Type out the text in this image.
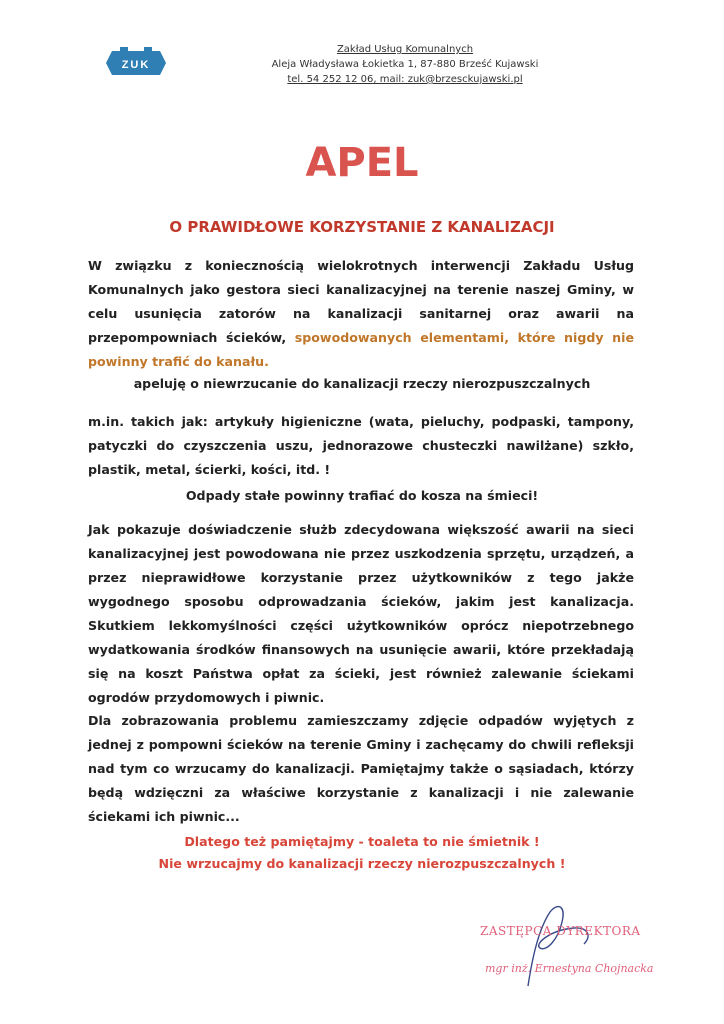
ZUK
Zakład Usług Komunalnych
Aleja Władysława Łokietka 1, 87-880 Brześć Kujawski
tel. 54 252 12 06, mail: zuk@brzesckujawski.pl
APEL
O PRAWIDŁOWE KORZYSTANIE Z KANALIZACJI
W związku z koniecznością wielokrotnych interwencji Zakładu Usług Komunalnych jako gestora sieci kanalizacyjnej na terenie naszej Gminy, w celu usunięcia zatorów na kanalizacji sanitarnej oraz awarii na przepompowniach ścieków, spowodowanych elementami, które nigdy nie powinny trafić do kanału.
apeluję o niewrzucanie do kanalizacji rzeczy nierozpuszczalnych
m.in. takich jak: artykuły higieniczne (wata, pieluchy, podpaski, tampony, patyczki do czyszczenia uszu, jednorazowe chusteczki nawilżane) szkło, plastik, metal, ścierki, kości, itd. !
Odpady stałe powinny trafiać do kosza na śmieci!
Jak pokazuje doświadczenie służb zdecydowana większość awarii na sieci kanalizacyjnej jest powodowana nie przez uszkodzenia sprzętu, urządzeń, a przez nieprawidłowe korzystanie przez użytkowników z tego jakże wygodnego sposobu odprowadzania ścieków, jakim jest kanalizacja. Skutkiem lekkomyślności części użytkowników oprócz niepotrzebnego wydatkowania środków finansowych na usunięcie awarii, które przekładają się na koszt Państwa opłat za ścieki, jest również zalewanie ściekami ogrodów przydomowych i piwnic.
Dla zobrazowania problemu zamieszczamy zdjęcie odpadów wyjętych z jednej z pompowni ścieków na terenie Gminy i zachęcamy do chwili refleksji nad tym co wrzucamy do kanalizacji. Pamiętajmy także o sąsiadach, którzy będą wdzięczni za właściwe korzystanie z kanalizacji i nie zalewanie ściekami ich piwnic...
Dlatego też pamiętajmy - toaleta to nie śmietnik !
Nie wrzucajmy do kanalizacji rzeczy nierozpuszczalnych !
ZASTĘPCA DYREKTORA
mgr inż. Ernestyna Chojnacka
